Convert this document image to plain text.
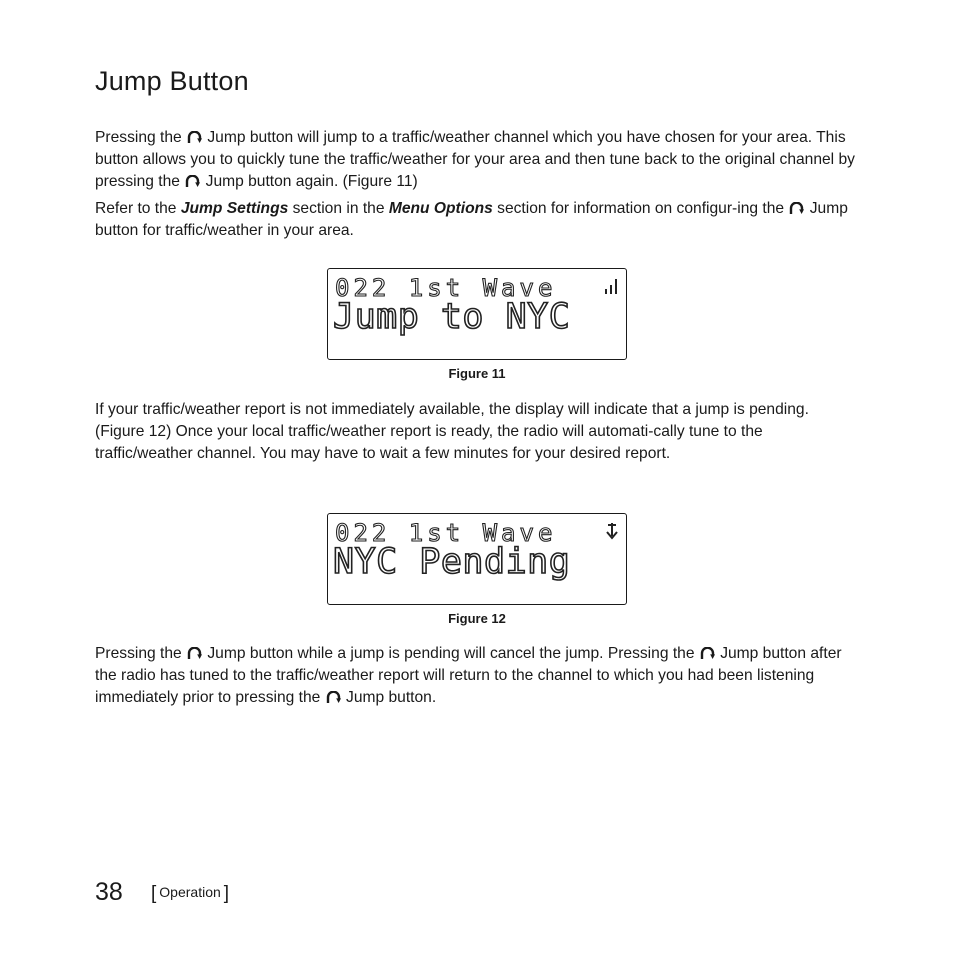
Jump Button

Pressing the Jump button will jump to a traffic/weather channel which you have chosen for your area. This button allows you to quickly tune the traffic/weather for your area and then tune back to the original channel by pressing the Jump button again. (Figure 11)

Refer to the Jump Settings section in the Menu Options section for information on configur-ing the Jump button for traffic/weather in your area.

022 1st Wave
Jump to NYC

Figure 11

If your traffic/weather report is not immediately available, the display will indicate that a jump is pending. (Figure 12) Once your local traffic/weather report is ready, the radio will automati-cally tune to the traffic/weather channel. You may have to wait a few minutes for your desired report.

022 1st Wave
NYC Pending

Figure 12

Pressing the Jump button while a jump is pending will cancel the jump. Pressing the Jump button after the radio has tuned to the traffic/weather report will return to the channel to which you had been listening immediately prior to pressing the Jump button.

38 [ Operation ]
